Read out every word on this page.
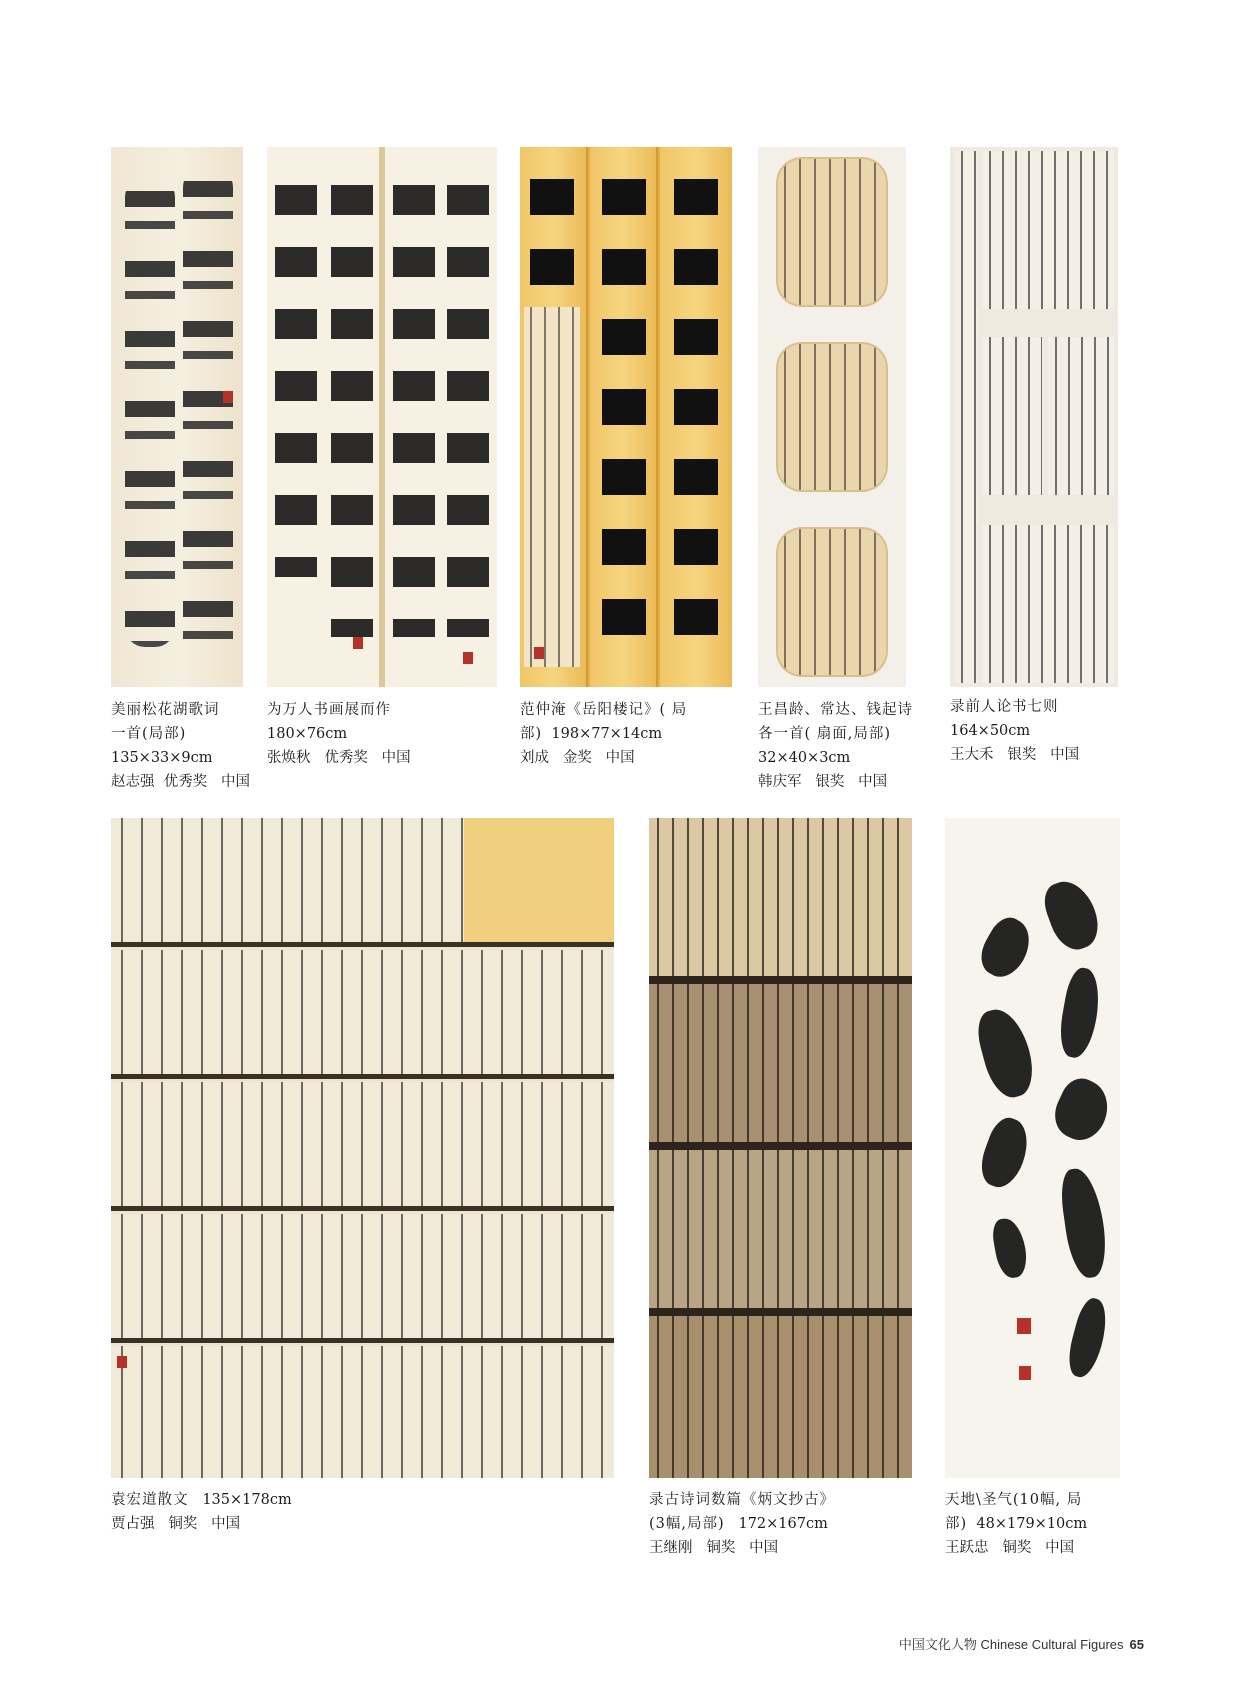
美丽松花湖歌词
一首(局部)
135×33×9cm
赵志强 优秀奖 中国
为万人书画展而作
180×76cm
张焕秋 优秀奖 中国
范仲淹《岳阳楼记》( 局
部) 198×77×14cm
刘成 金奖 中国
王昌龄、常达、钱起诗
各一首( 扇面,局部)
32×40×3cm
韩庆军 银奖 中国
录前人论书七则
164×50cm
王大禾 银奖 中国
袁宏道散文 135×178cm
贾占强 铜奖 中国
录古诗词数篇《炳文抄古》
(3幅,局部) 172×167cm
王继刚 铜奖 中国
天地\圣气(10幅, 局
部) 48×179×10cm
王跃忠 铜奖 中国
中国文化人物 Chinese Cultural Figures 65
